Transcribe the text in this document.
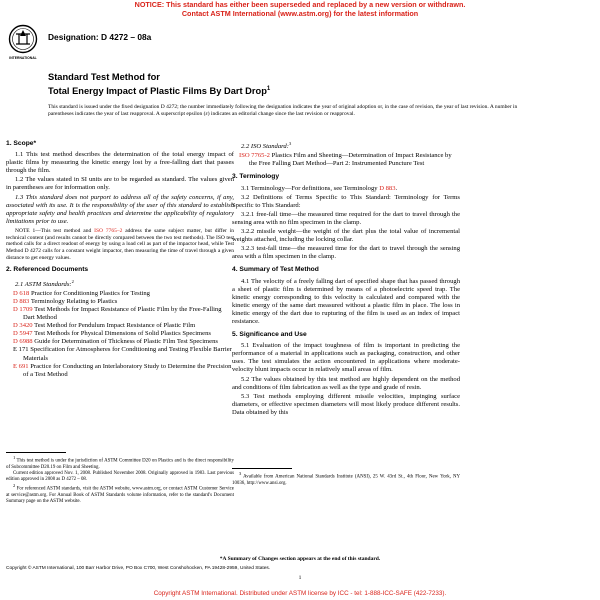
NOTICE: This standard has either been superseded and replaced by a new version or withdrawn.
Contact ASTM International (www.astm.org) for the latest information
INTERNATIONAL
Designation: D 4272 – 08a
Standard Test Method for
Total Energy Impact of Plastic Films By Dart Drop$^1$
This standard is issued under the fixed designation D 4272; the number immediately following the designation indicates the year of original adoption or, in the case of revision, the year of last revision. A number in parentheses indicates the year of last reapproval. A superscript epsilon (ε) indicates an editorial change since the last revision or reapproval.
1. Scope*

1.1 This test method describes the determination of the total energy impact of plastic films by measuring the kinetic energy lost by a free-falling dart that passes through the film.

1.2 The values stated in SI units are to be regarded as standard. The values given in parentheses are for information only.

1.3 This standard does not purport to address all of the safety concerns, if any, associated with its use. It is the responsibility of the user of this standard to establish appropriate safety and health practices and determine the applicability of regulatory limitations prior to use.

NOTE 1—This test method and ISO 7765–2 address the same subject matter, but differ in technical content (and results cannot be directly compared between the two test methods). The ISO test method calls for a direct readout of energy by using a load cell as part of the impactor head, while Test Method D 4272 calls for a constant weight impactor, then measuring the time of travel through a given distance to get energy values.
2. Referenced Documents

2.1 ASTM Standards:$^2$

D 618 Practice for Conditioning Plastics for Testing

D 883 Terminology Relating to Plastics

D 1709 Test Methods for Impact Resistance of Plastic Film by the Free-Falling Dart Method

D 3420 Test Method for Pendulum Impact Resistance of Plastic Film

D 5947 Test Methods for Physical Dimensions of Solid Plastics Specimens

D 6988 Guide for Determination of Thickness of Plastic Film Test Specimens

E 171 Specification for Atmospheres for Conditioning and Testing Flexible Barrier Materials

E 691 Practice for Conducting an Interlaboratory Study to Determine the Precision of a Test Method

$^1$ This test method is under the jurisdiction of ASTM Committee D20 on Plastics and is the direct responsibility of Subcommittee D20.19 on Film and Sheeting.

Current edition approved Nov. 1, 2008. Published November 2008. Originally approved in 1983. Last previous edition approved in 2008 as D 4272 – 08.

$^2$ For referenced ASTM standards, visit the ASTM website, www.astm.org, or contact ASTM Customer Service at service@astm.org. For Annual Book of ASTM Standards volume information, refer to the standard's Document Summary page on the ASTM website.

2.2 ISO Standard:$^3$

ISO 7765-2 Plastics Film and Sheeting—Determination of Impact Resistance by the Free Falling Dart Method—Part 2: Instrumented Puncture Test

3. Terminology

3.1 Terminology—For definitions, see Terminology D 883.

3.2 Definitions of Terms Specific to This Standard: Terminology for Terms Specific to This Standard:

3.2.1 free-fall time—the measured time required for the dart to travel through the sensing area with no film specimen in the clamp.

3.2.2 missile weight—the weight of the dart plus the total value of incremental weights attached, including the locking collar.

3.2.3 test-fall time—the measured time for the dart to travel through the sensing area with a film specimen in the clamp.

4. Summary of Test Method

4.1 The velocity of a freely falling dart of specified shape that has passed through a sheet of plastic film is determined by means of a photoelectric speed trap. The kinetic energy corresponding to this velocity is calculated and compared with the kinetic energy of the same dart measured without a plastic film in place. The loss in kinetic energy of the dart due to rupturing of the film is used as an index of impact resistance.

5. Significance and Use

5.1 Evaluation of the impact toughness of film is important in predicting the performance of a material in applications such as packaging, construction, and other uses. The test simulates the action encountered in applications where moderate-velocity blunt impacts occur in relatively small areas of film.

5.2 The values obtained by this test method are highly dependent on the method and conditions of film fabrication as well as the type and grade of resin.

5.3 Test methods employing different missile velocities, impinging surface diameters, or effective specimen diameters will most likely produce different results. Data obtained by this

$^3$ Available from American National Standards Institute (ANSI), 25 W. 43rd St., 4th Floor, New York, NY 10036, http://www.ansi.org.

*A Summary of Changes section appears at the end of this standard.
Copyright © ASTM International, 100 Barr Harbor Drive, PO Box C700, West Conshohocken, PA 19428-2959, United States.
1
Copyright ASTM International. Distributed under ASTM license by ICC - tel: 1-888-ICC-SAFE (422-7233).
